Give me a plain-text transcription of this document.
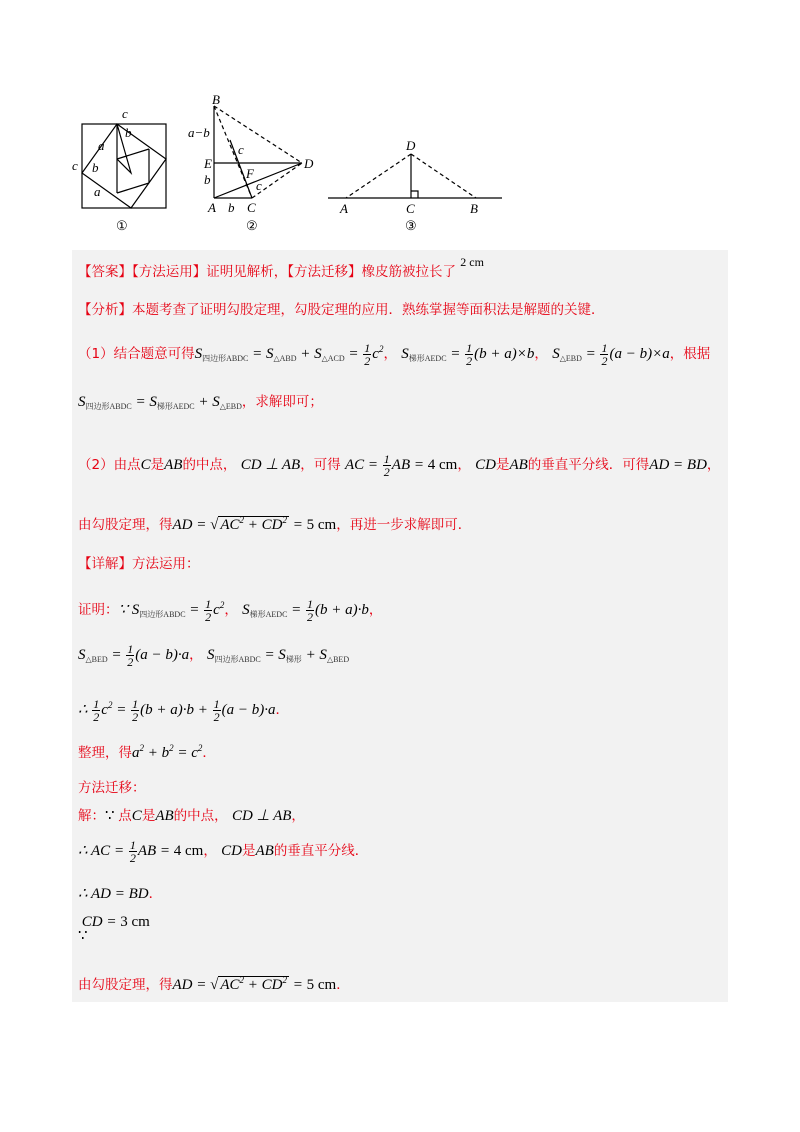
c
c
a
b
b
a
①
B
a−b
E
b
A b C
c
F
c
D
②
D
A	C	B
③
【答案】【方法运用】证明见解析，【方法迁移】橡皮筋被拉长了 2 cm
【分析】本题考查了证明勾股定理，勾股定理的应用．熟练掌握等面积法是解题的关键．
（1）结合题意可得$S_{四边形ABDC} = S_{\triangle ABD} + S_{\triangle ACD} = \frac{1}{2} c^2$， $S_{梯形AEDC} = \frac{1}{2} (b + a)\times b$， $S_{\triangle EBD} = \frac{1}{2} (a - b)\times a$，根据
$S_{四边形ABDC} = S_{梯形AEDC} + S_{\triangle EBD}$，求解即可；
（2）由点C是AB的中点， CD ⊥ AB，可得 AC = $\frac{1}{2}$ AB = 4 cm， CD是AB的垂直平分线．可得AD = BD，
由勾股定理，得AD = √ $AC^2 + CD^2 = 5$ cm，再进一步求解即可．
【详解】方法运用：
证明：∵ $S_{四边形ABDC} = \frac{1}{2} c^2$， $S_{梯形AEDC} = \frac{1}{2} (b + a)\cdot b$，
$S_{\triangle BED} = \frac{1}{2} (a - b)\cdot a$， $S_{四边形ABDC} = S_{梯形} + S_{\triangle BED}$
∴ $\frac{1}{2} c^2 = \frac{1}{2} (b + a)\cdot b + \frac{1}{2} (a - b)\cdot a$．
整理，得$a^2 + b^2 = c^2$．
方法迁移：
解：∵ 点C是AB的中点， CD ⊥ AB，
∴ AC = $\frac{1}{2}$ AB = 4 cm， CD是AB的垂直平分线．
∴ AD = BD．
CD = 3 cm
∵
由勾股定理，得AD = √ $AC^2 + CD^2 = 5$ cm．
